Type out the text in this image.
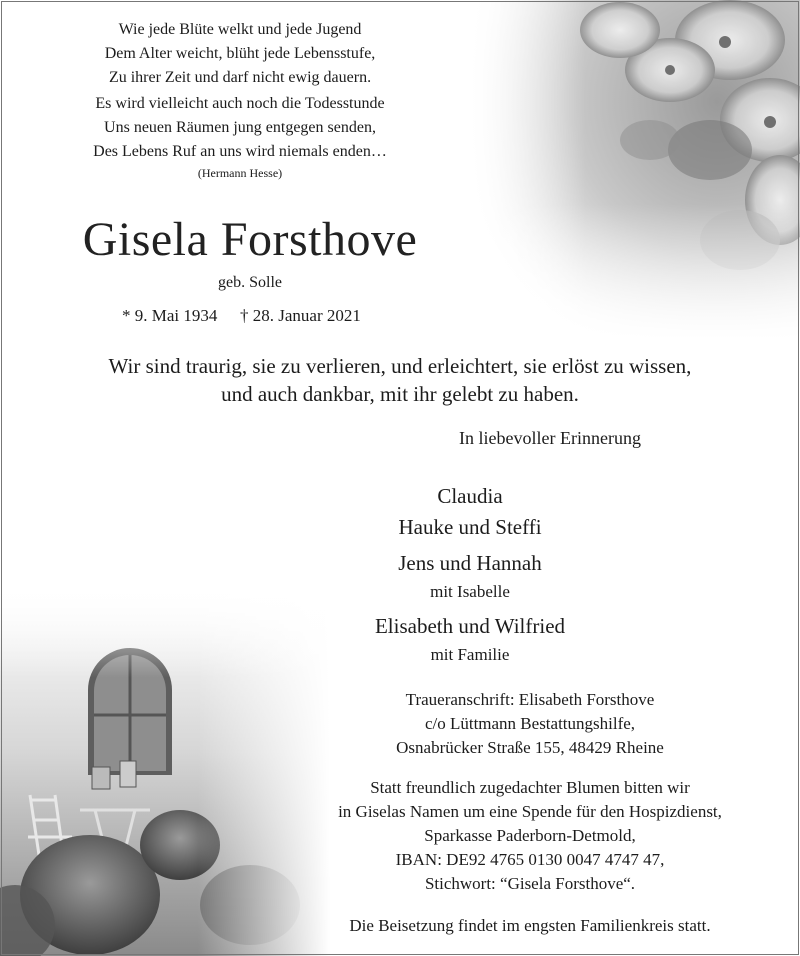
Wie jede Blüte welkt und jede Jugend
Dem Alter weicht, blüht jede Lebensstufe,
Zu ihrer Zeit und darf nicht ewig dauern.
Es wird vielleicht auch noch die Todesstunde
Uns neuen Räumen jung entgegen senden,
Des Lebens Ruf an uns wird niemals enden…
(Hermann Hesse)
Gisela Forsthove
geb. Solle
* 9. Mai 1934 † 28. Januar 2021
Wir sind traurig, sie zu verlieren, und erleichtert, sie erlöst zu wissen,
und auch dankbar, mit ihr gelebt zu haben.
In liebevoller Erinnerung
Claudia
Hauke und Steffi
Jens und Hannah
mit Isabelle
Elisabeth und Wilfried
mit Familie
Traueranschrift: Elisabeth Forsthove
c/o Lüttmann Bestattungshilfe,
Osnabrücker Straße 155, 48429 Rheine
Statt freundlich zugedachter Blumen bitten wir
in Giselas Namen um eine Spende für den Hospizdienst,
Sparkasse Paderborn-Detmold,
IBAN: DE92 4765 0130 0047 4747 47,
Stichwort: “Gisela Forsthove“.
Die Beisetzung findet im engsten Familienkreis statt.
